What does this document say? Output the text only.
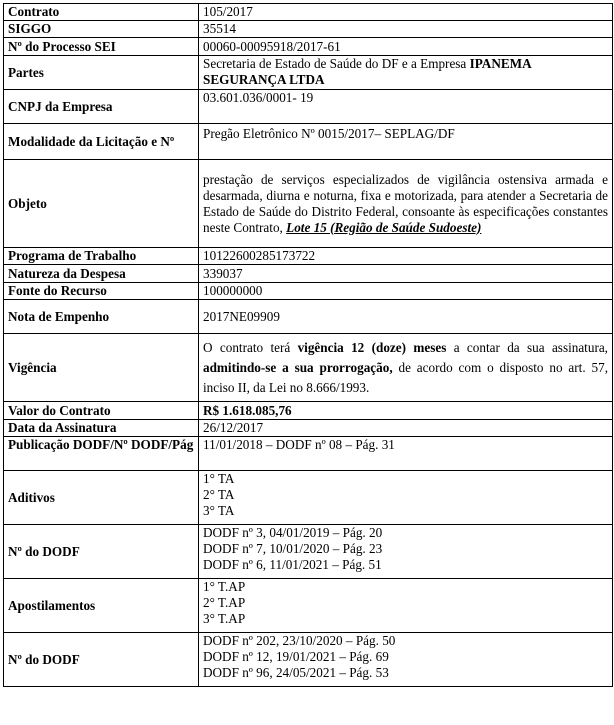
Contrato	105/2017
SIGGO	35514
Nº do Processo SEI	00060-00095918/2017-61
Partes	Secretaria de Estado de Saúde do DF e a Empresa IPANEMA SEGURANÇA LTDA
CNPJ da Empresa	03.601.036/0001- 19
Modalidade da Licitação e Nº	Pregão Eletrônico Nº 0015/2017– SEPLAG/DF
Objeto	prestação de serviços especializados de vigilância ostensiva armada e desarmada, diurna e noturna, fixa e motorizada, para atender a Secretaria de Estado de Saúde do Distrito Federal, consoante às especificações constantes neste Contrato, Lote 15 (Região de Saúde Sudoeste)
Programa de Trabalho	10122600285173722
Natureza da Despesa	339037
Fonte do Recurso	100000000
Nota de Empenho	2017NE09909
Vigência	O contrato terá vigência 12 (doze) meses a contar da sua assinatura, admitindo-se a sua prorrogação, de acordo com o disposto no art. 57, inciso II, da Lei no 8.666/1993.
Valor do Contrato	R$ 1.618.085,76
Data da Assinatura	26/12/2017
Publicação DODF/Nº DODF/Pág	11/01/2018 – DODF nº 08 – Pág. 31
Aditivos	1° TA
2° TA
3° TA

Nº do DODF	DODF nº 3, 04/01/2019 – Pág. 20
DODF nº 7, 10/01/2020 – Pág. 23
DODF nº 6, 11/01/2021 – Pág. 51

Apostilamentos	1° T.AP
2° T.AP
3° T.AP

Nº do DODF	DODF nº 202, 23/10/2020 – Pág. 50
DODF nº 12, 19/01/2021 – Pág. 69
DODF nº 96, 24/05/2021 – Pág. 53
